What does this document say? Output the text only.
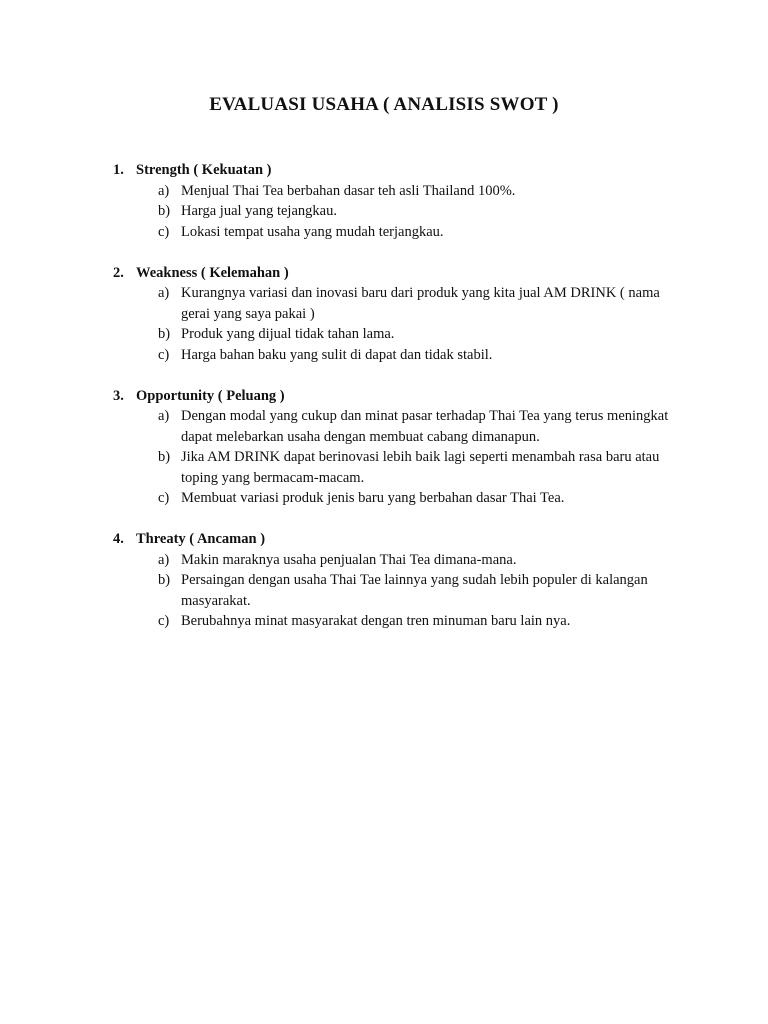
EVALUASI USAHA ( ANALISIS SWOT )
1. Strength ( Kekuatan )
a) Menjual Thai Tea berbahan dasar teh asli Thailand 100%.
b) Harga jual yang tejangkau.
c) Lokasi tempat usaha yang mudah terjangkau.
2. Weakness ( Kelemahan )
a) Kurangnya variasi dan inovasi baru dari produk yang kita jual AM DRINK ( nama gerai yang saya pakai )
b) Produk yang dijual tidak tahan lama.
c) Harga bahan baku yang sulit di dapat dan tidak stabil.
3. Opportunity ( Peluang )
a) Dengan modal yang cukup dan minat pasar terhadap Thai Tea yang terus meningkat dapat melebarkan usaha dengan membuat cabang dimanapun.
b) Jika AM DRINK dapat berinovasi lebih baik lagi seperti menambah rasa baru atau toping yang bermacam-macam.
c) Membuat variasi produk jenis baru yang berbahan dasar Thai Tea.
4. Threaty ( Ancaman )
a) Makin maraknya usaha penjualan Thai Tea dimana-mana.
b) Persaingan dengan usaha Thai Tae lainnya yang sudah lebih populer di kalangan masyarakat.
c) Berubahnya minat masyarakat dengan tren minuman baru lain nya.
